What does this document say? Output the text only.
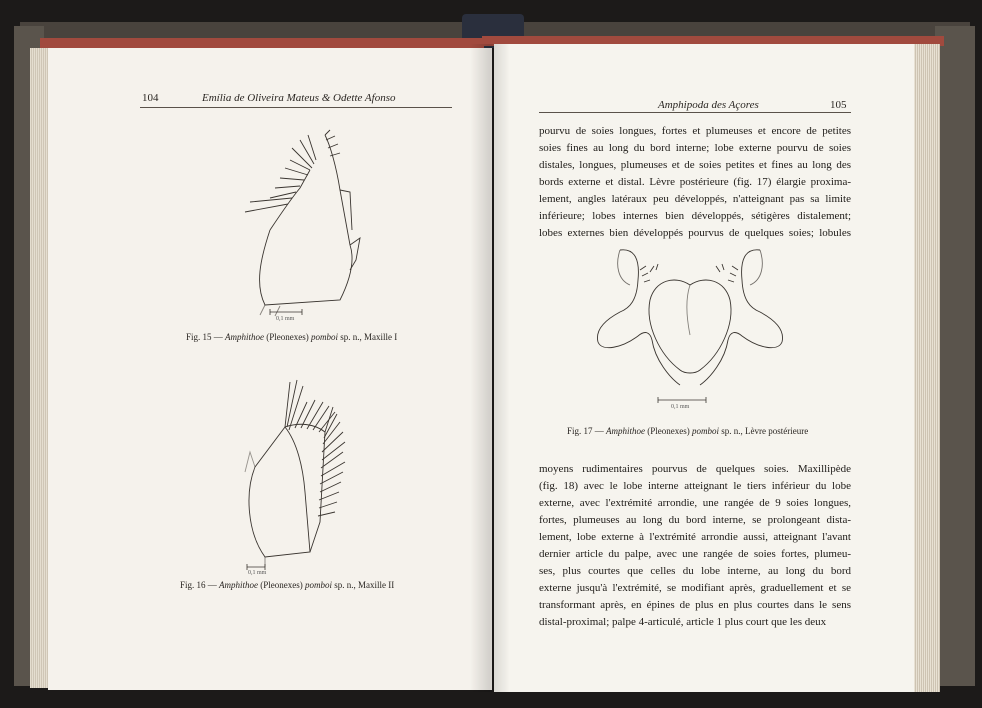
104	Emília de Oliveira Mateus & Odette Afonso
0,1 mm
Fig. 15 — Amphithoe (Pleonexes) pomboi sp. n., Maxille I
0,1 mm
Fig. 16 — Amphithoe (Pleonexes) pomboi sp. n., Maxille II
Amphipoda des Açores	105
pourvu de soies longues, fortes et plumeuses et encore de petites
soies fines au long du bord interne; lobe externe pourvu de soies
distales, longues, plumeuses et de soies petites et fines au long des
bords externe et distal. Lèvre postérieure (fig. 17) élargie proxima-
lement, angles latéraux peu développés, n'atteignant pas sa limite
inférieure; lobes internes bien développés, sétigères distalement;
lobes externes bien développés pourvus de quelques soies; lobules
0,1 mm
Fig. 17 — Amphithoe (Pleonexes) pomboi sp. n., Lèvre postérieure
moyens rudimentaires pourvus de quelques soies. Maxillipède
(fig. 18) avec le lobe interne atteignant le tiers inférieur du lobe
externe, avec l'extrémité arrondie, une rangée de 9 soies longues,
fortes, plumeuses au long du bord interne, se prolongeant dista-
lement, lobe externe à l'extrémité arrondie aussi, atteignant l'avant
dernier article du palpe, avec une rangée de soies fortes, plumeu-
ses, plus courtes que celles du lobe interne, au long du bord
externe jusqu'à l'extrémité, se modifiant après, graduellement et se
transformant après, en épines de plus en plus courtes dans le sens
distal-proximal; palpe 4-articulé, article 1 plus court que les deux
